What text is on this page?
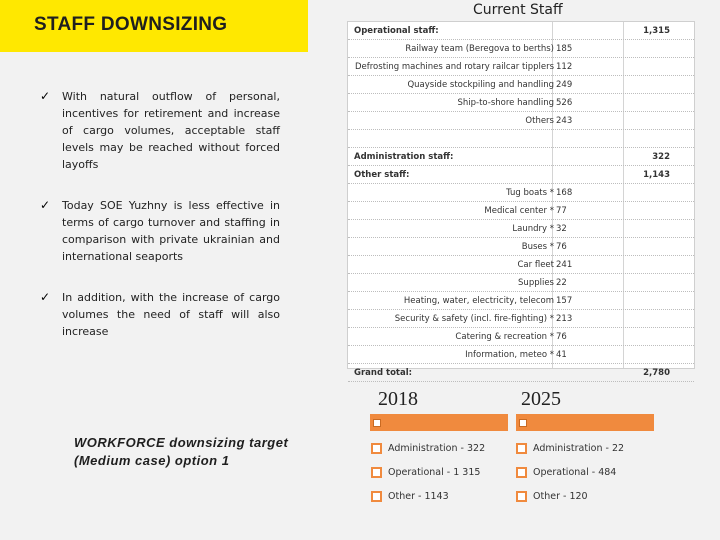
STAFF DOWNSIZING
✓	With natural outflow of personal, incentives for retirement and increase of cargo volumes, acceptable staff levels may be reached without forced layoffs
✓	Today SOE Yuzhny is less effective in terms of cargo turnover and staffing in comparison with private ukrainian and international seaports
✓	In addition, with the increase of cargo volumes the need of staff will also increase
Current Staff
Operational staff:	1,315
Railway team (Beregova to berths) 185
Defrosting machines and rotary railcar tipplers 112
Quayside stockpiling and handling 249
Ship-to-shore handling 526
Others 243
Administration staff:	322
Other staff:	1,143
Tug boats * 168
Medical center * 77
Laundry * 32
Buses * 76
Car fleet 241
Supplies 22
Heating, water, electricity, telecom 157
Security & safety (incl. fire-fighting) * 213
Catering & recreation * 76
Information, meteo * 41
Grand total:	2,780
2018	2025
Administration - 322
Operational - 1 315
Other - 1143
Administration - 22
Operational - 484
Other - 120
WORKFORCE downsizing target
(Medium case) option 1
